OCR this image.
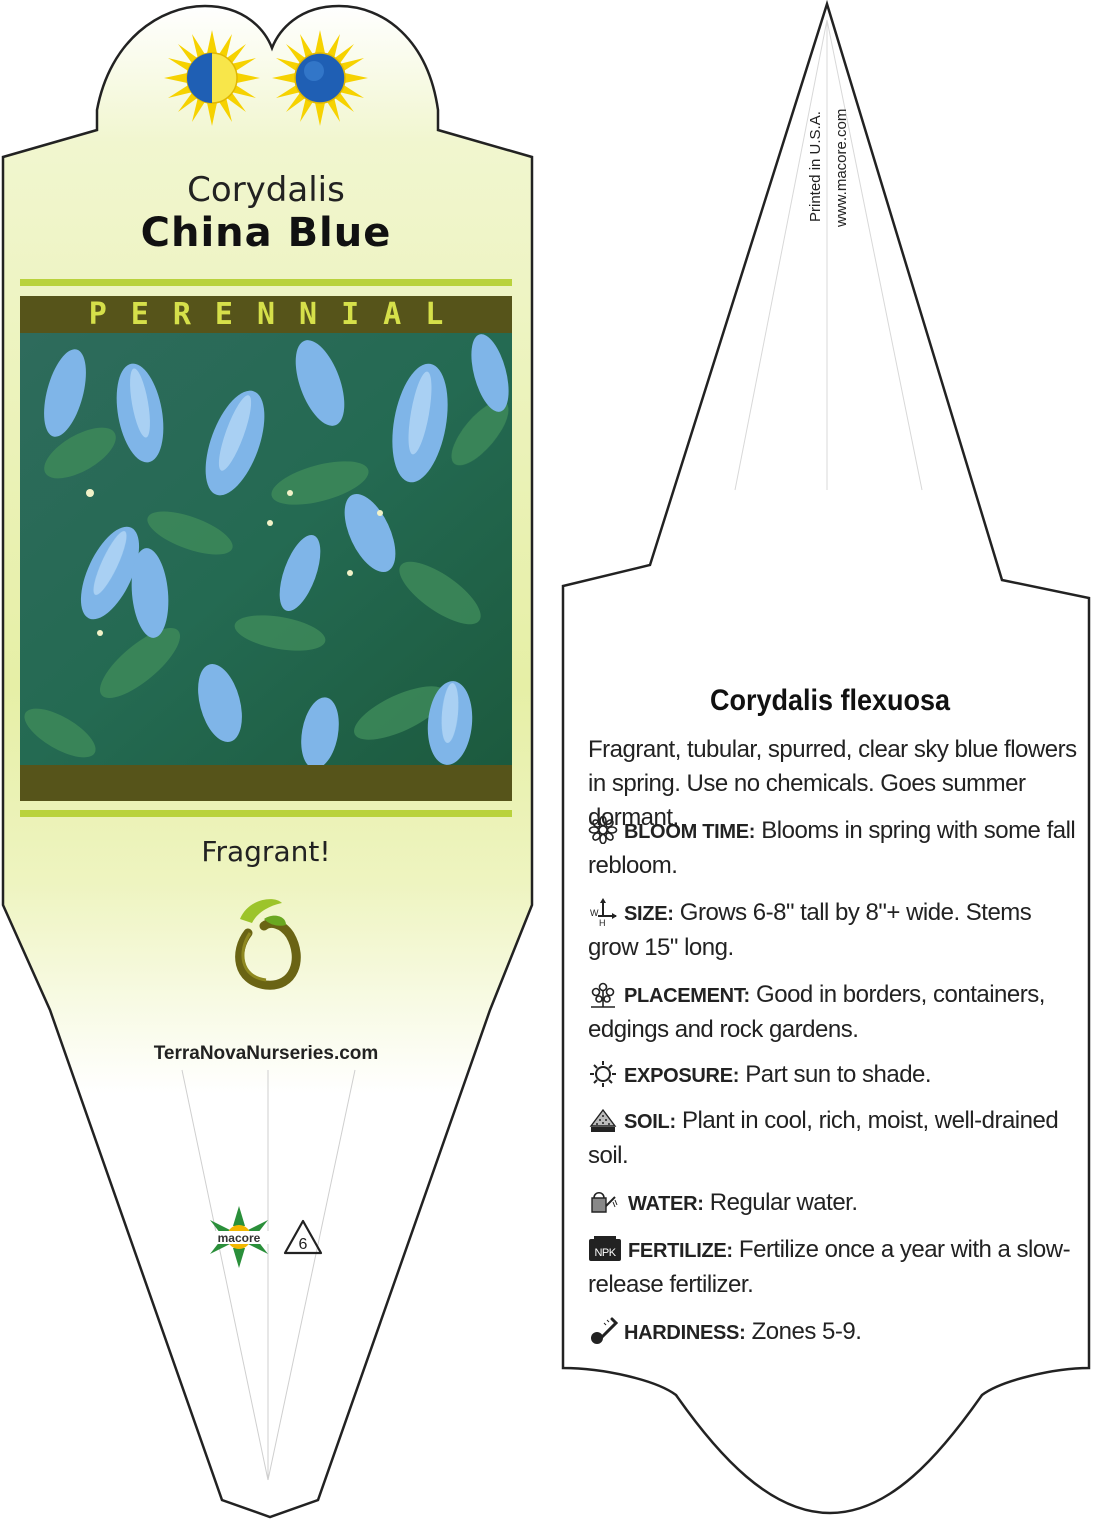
Corydalis
China Blue
PERENNIAL
Fragrant!
TerraNovaNurseries.com
macore 6
Printed in U.S.A. www.macore.com
Corydalis flexuosa
Fragrant, tubular, spurred, clear sky blue flowers in spring. Use no chemicals. Goes summer dormant.
BLOOM TIME: Blooms in spring with some fall rebloom.
W
H SIZE: Grows 6-8" tall by 8"+ wide. Stems grow 15" long.
PLACEMENT: Good in borders, containers, edgings and rock gardens.
EXPOSURE: Part sun to shade.
SOIL: Plant in cool, rich, moist, well-drained soil.
WATER: Regular water.
NPK FERTILIZE: Fertilize once a year with a slow-release fertilizer.
HARDINESS: Zones 5-9.
